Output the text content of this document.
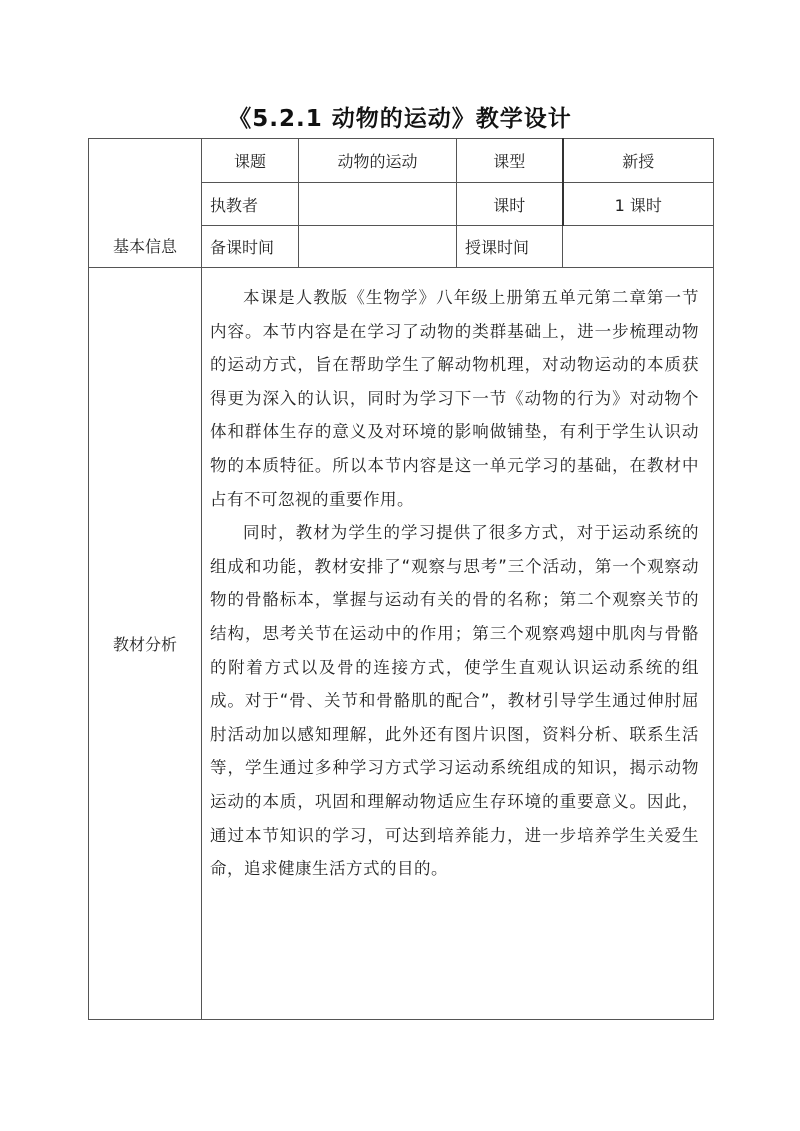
《5.2.1 动物的运动》教学设计
基本信息	课题	动物的运动	课型	新授
	执教者		课时	1 课时
	备课时间		授课时间	
教材分析	本课是人教版《生物学》八年级上册第五单元第二章第一节内容。本节内容是在学习了动物的类群基础上，进一步梳理动物的运动方式，旨在帮助学生了解动物机理，对动物运动的本质获得更为深入的认识，同时为学习下一节《动物的行为》对动物个体和群体生存的意义及对环境的影响做铺垫，有利于学生认识动物的本质特征。所以本节内容是这一单元学习的基础，在教材中占有不可忽视的重要作用。

同时，教材为学生的学习提供了很多方式，对于运动系统的组成和功能，教材安排了“观察与思考”三个活动，第一个观察动物的骨骼标本，掌握与运动有关的骨的名称；第二个观察关节的结构，思考关节在运动中的作用；第三个观察鸡翅中肌肉与骨骼的附着方式以及骨的连接方式，使学生直观认识运动系统的组成。对于“骨、关节和骨骼肌的配合”，教材引导学生通过伸肘屈肘活动加以感知理解，此外还有图片识图，资料分析、联系生活等，学生通过多种学习方式学习运动系统组成的知识，揭示动物运动的本质，巩固和理解动物适应生存环境的重要意义。因此，通过本节知识的学习，可达到培养能力，进一步培养学生关爱生命，追求健康生活方式的目的。			
